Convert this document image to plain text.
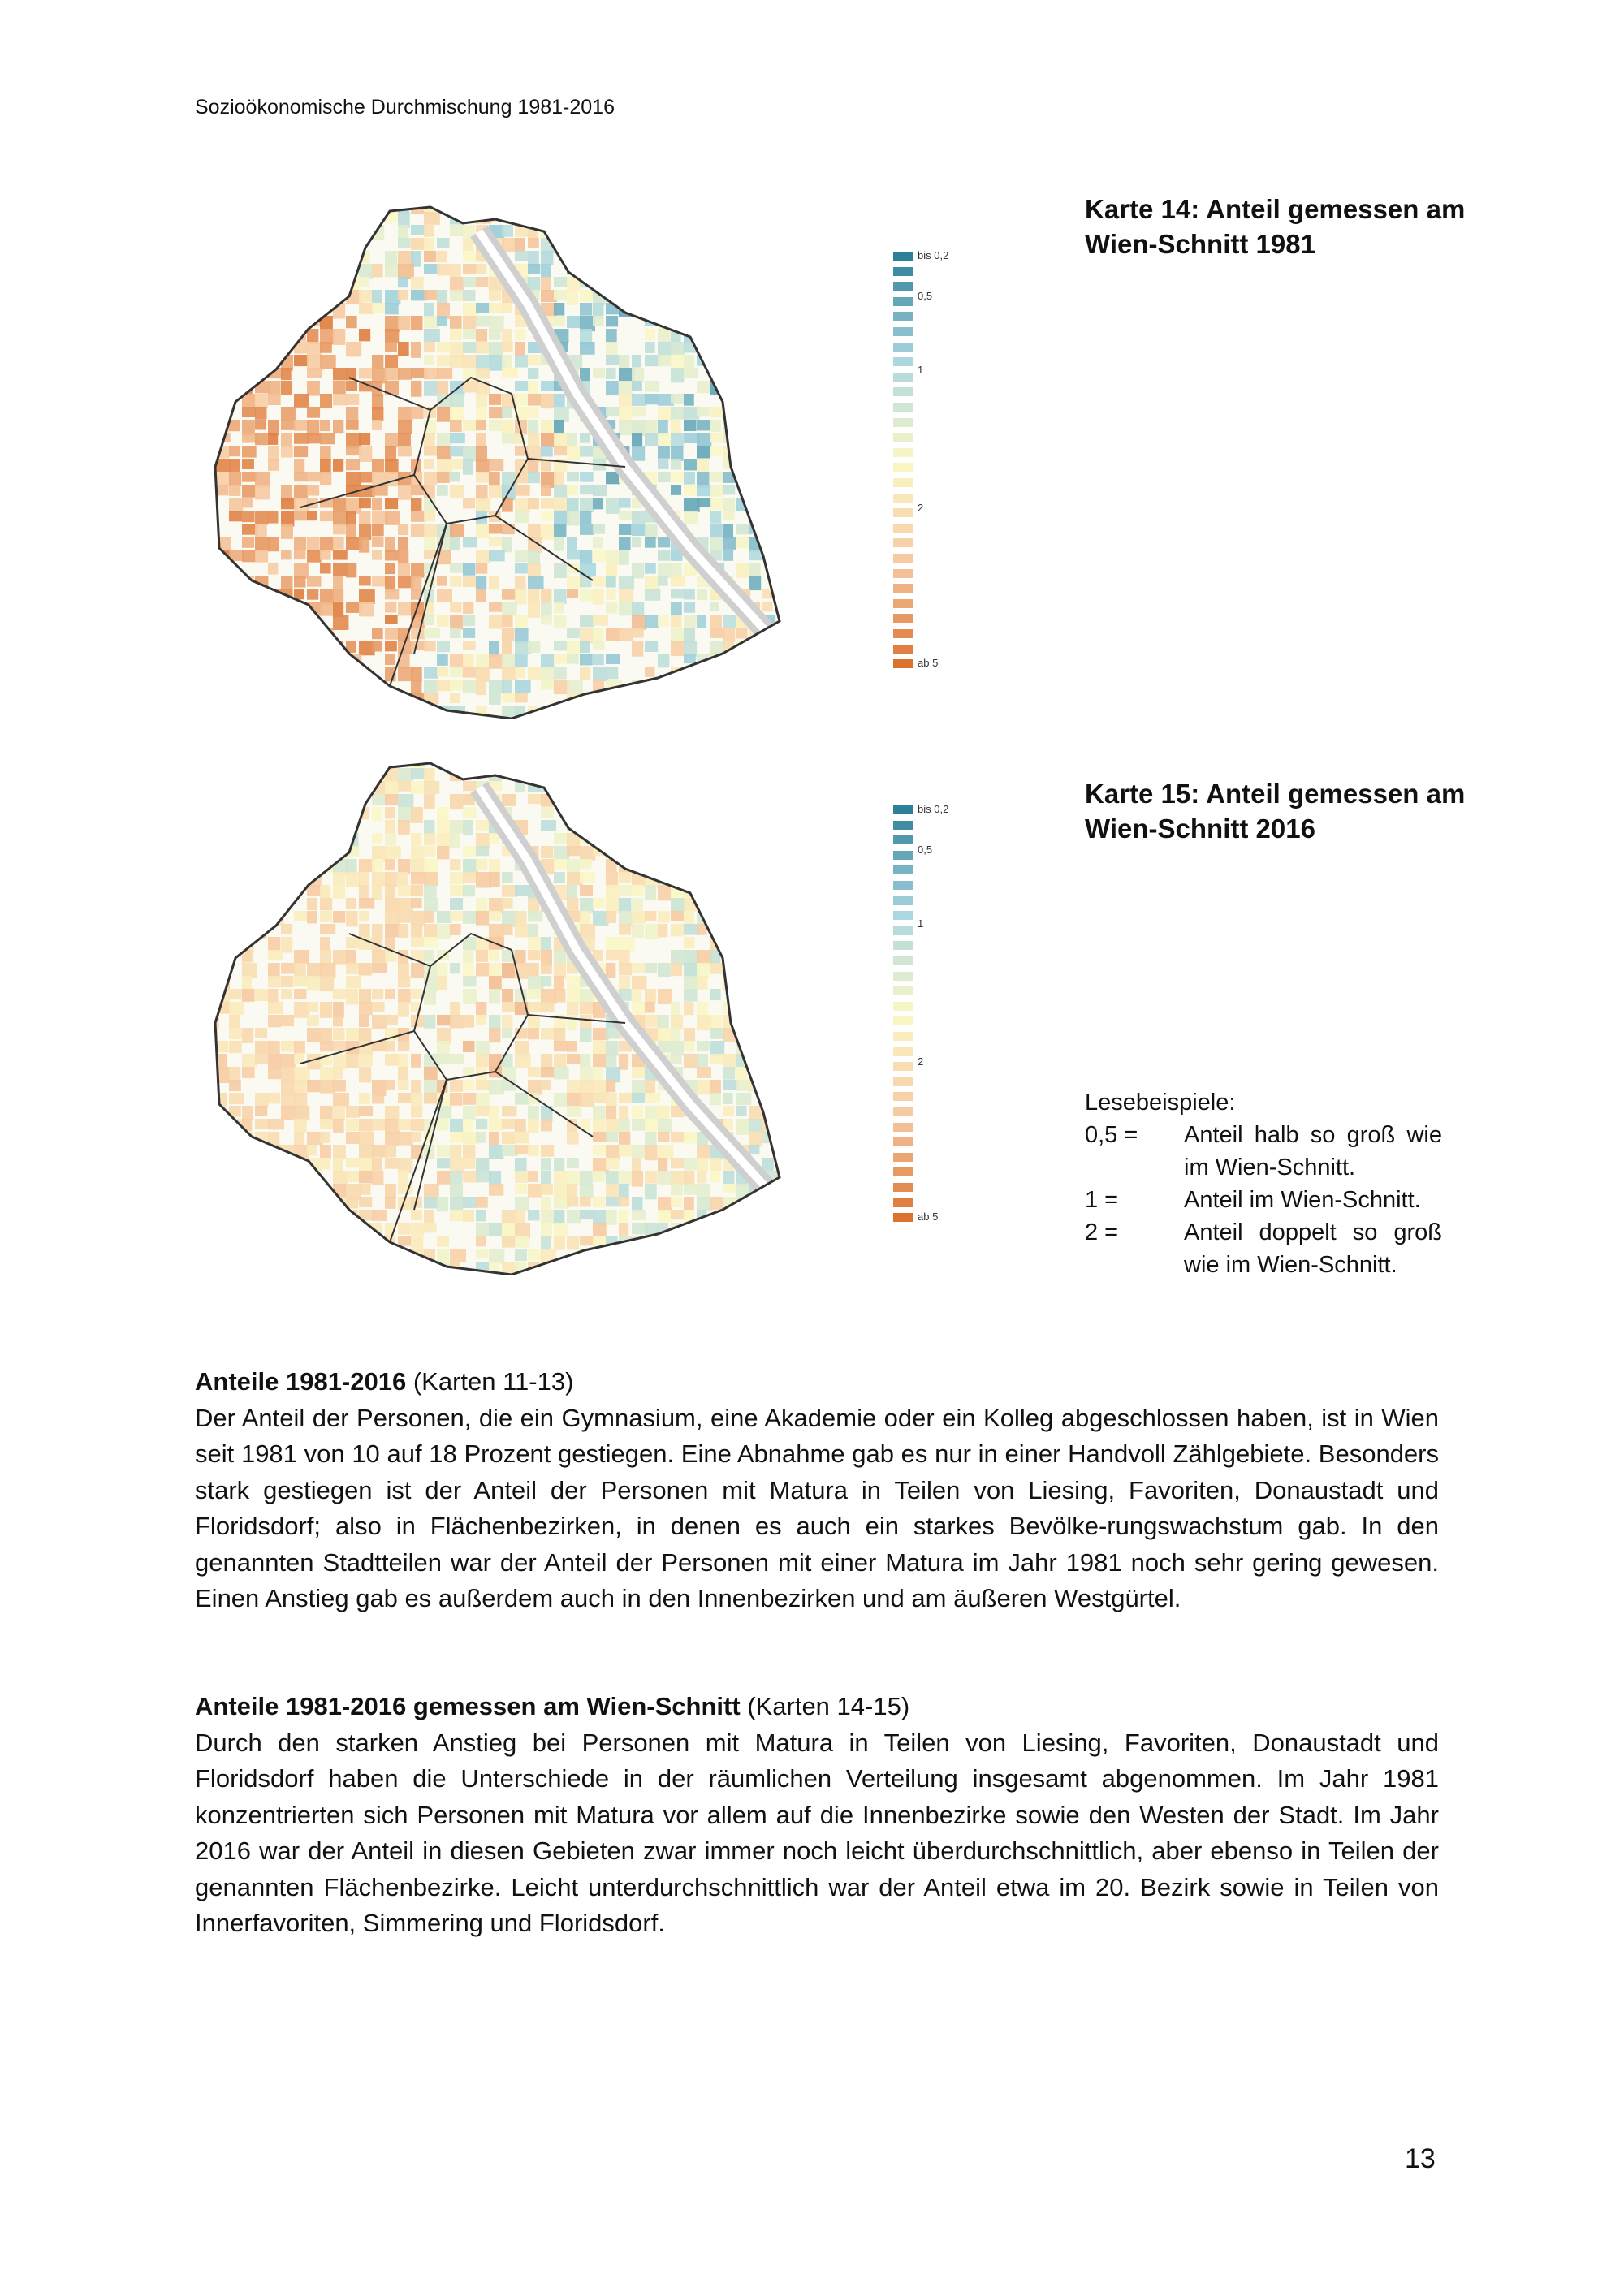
Sozioökonomische Durchmischung 1981-2016
bis 0,2
0,5
1
2
ab 5
Karte 14: Anteil gemessen am Wien-Schnitt 1981
bis 0,2
0,5
1
2
ab 5
Karte 15: Anteil gemessen am Wien-Schnitt 2016
Lesebeispiele:
0,5 =	Anteil halb so groß wie im Wien-Schnitt.
1 =	Anteil im Wien-Schnitt.
2 =	Anteil doppelt so groß wie im Wien-Schnitt.
Anteile 1981-2016 (Karten 11-13)
Der Anteil der Personen, die ein Gymnasium, eine Akademie oder ein Kolleg abgeschlossen haben, ist in Wien seit 1981 von 10 auf 18 Prozent gestiegen. Eine Abnahme gab es nur in einer Handvoll Zählgebiete. Besonders stark gestiegen ist der Anteil der Personen mit Matura in Teilen von Liesing, Favoriten, Donaustadt und Floridsdorf; also in Flächenbezirken, in denen es auch ein starkes Bevölke-rungswachstum gab. In den genannten Stadtteilen war der Anteil der Personen mit einer Matura im Jahr 1981 noch sehr gering gewesen. Einen Anstieg gab es außerdem auch in den Innenbezirken und am äußeren Westgürtel.
Anteile 1981-2016 gemessen am Wien-Schnitt (Karten 14-15)
Durch den starken Anstieg bei Personen mit Matura in Teilen von Liesing, Favoriten, Donaustadt und Floridsdorf haben die Unterschiede in der räumlichen Verteilung insgesamt abgenommen. Im Jahr 1981 konzentrierten sich Personen mit Matura vor allem auf die Innenbezirke sowie den Westen der Stadt. Im Jahr 2016 war der Anteil in diesen Gebieten zwar immer noch leicht überdurchschnittlich, aber ebenso in Teilen der genannten Flächenbezirke. Leicht unterdurchschnittlich war der Anteil etwa im 20. Bezirk sowie in Teilen von Innerfavoriten, Simmering und Floridsdorf.
13
